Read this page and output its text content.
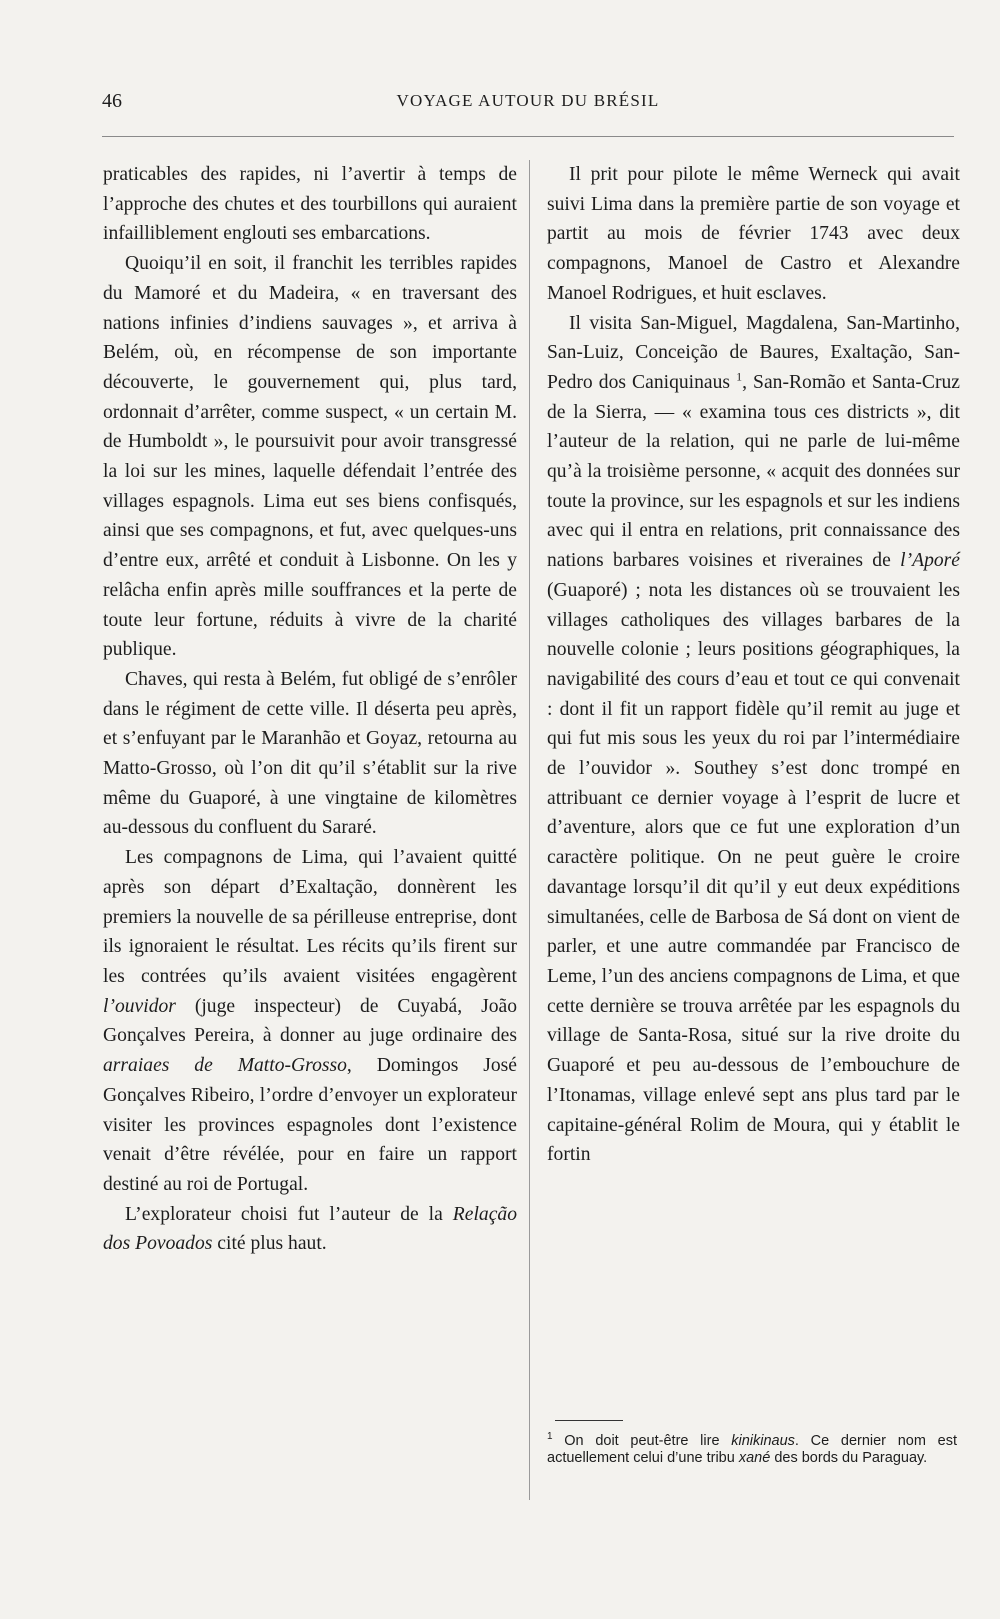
46	VOYAGE AUTOUR DU BRÉSIL

praticables des rapides, ni l’avertir à temps de l’approche des chutes et des tourbillons qui auraient infailliblement englouti ses embarcations.

Quoiqu’il en soit, il franchit les terribles rapides du Mamoré et du Madeira, « en traversant des nations infinies d’indiens sauvages », et arriva à Belém, où, en récompense de son importante découverte, le gouvernement qui, plus tard, ordonnait d’arrêter, comme suspect, « un certain M. de Humboldt », le poursuivit pour avoir transgressé la loi sur les mines, laquelle défendait l’entrée des villages espagnols. Lima eut ses biens confisqués, ainsi que ses compagnons, et fut, avec quelques-uns d’entre eux, arrêté et conduit à Lisbonne. On les y relâcha enfin après mille souffrances et la perte de toute leur fortune, réduits à vivre de la charité publique.

Chaves, qui resta à Belém, fut obligé de s’enrôler dans le régiment de cette ville. Il déserta peu après, et s’enfuyant par le Maranhão et Goyaz, retourna au Matto-Grosso, où l’on dit qu’il s’établit sur la rive même du Guaporé, à une vingtaine de kilomètres au-dessous du confluent du Sararé.

Les compagnons de Lima, qui l’avaient quitté après son départ d’Exaltação, donnèrent les premiers la nouvelle de sa périlleuse entreprise, dont ils ignoraient le résultat. Les récits qu’ils firent sur les contrées qu’ils avaient visitées engagèrent l’ouvidor (juge inspecteur) de Cuyabá, João Gonçalves Pereira, à donner au juge ordinaire des arraiaes de Matto-Grosso, Domingos José Gonçalves Ribeiro, l’ordre d’envoyer un explorateur visiter les provinces espagnoles dont l’existence venait d’être révélée, pour en faire un rapport destiné au roi de Portugal.

L’explorateur choisi fut l’auteur de la Relação dos Povoados cité plus haut.

Il prit pour pilote le même Werneck qui avait suivi Lima dans la première partie de son voyage et partit au mois de février 1743 avec deux compagnons, Manoel de Castro et Alexandre Manoel Rodrigues, et huit esclaves.

Il visita San-Miguel, Magdalena, San-Martinho, San-Luiz, Conceição de Baures, Exaltação, San-Pedro dos Caniquinaus $^1$, San-Romão et Santa-Cruz de la Sierra, — « examina tous ces districts », dit l’auteur de la relation, qui ne parle de lui-même qu’à la troisième personne, « acquit des données sur toute la province, sur les espagnols et sur les indiens avec qui il entra en relations, prit connaissance des nations barbares voisines et riveraines de l’Aporé (Guaporé) ; nota les distances où se trouvaient les villages catholiques des villages barbares de la nouvelle colonie ; leurs positions géographiques, la navigabilité des cours d’eau et tout ce qui convenait : dont il fit un rapport fidèle qu’il remit au juge et qui fut mis sous les yeux du roi par l’intermédiaire de l’ouvidor ». Southey s’est donc trompé en attribuant ce dernier voyage à l’esprit de lucre et d’aventure, alors que ce fut une exploration d’un caractère politique. On ne peut guère le croire davantage lorsqu’il dit qu’il y eut deux expéditions simultanées, celle de Barbosa de Sá dont on vient de parler, et une autre commandée par Francisco de Leme, l’un des anciens compagnons de Lima, et que cette dernière se trouva arrêtée par les espagnols du village de Santa-Rosa, situé sur la rive droite du Guaporé et peu au-dessous de l’embouchure de l’Itonamas, village enlevé sept ans plus tard par le capitaine-général Rolim de Moura, qui y établit le fortin

$^1$ On doit peut-être lire kinikinaus. Ce dernier nom est actuellement celui d’une tribu xané des bords du Paraguay.
